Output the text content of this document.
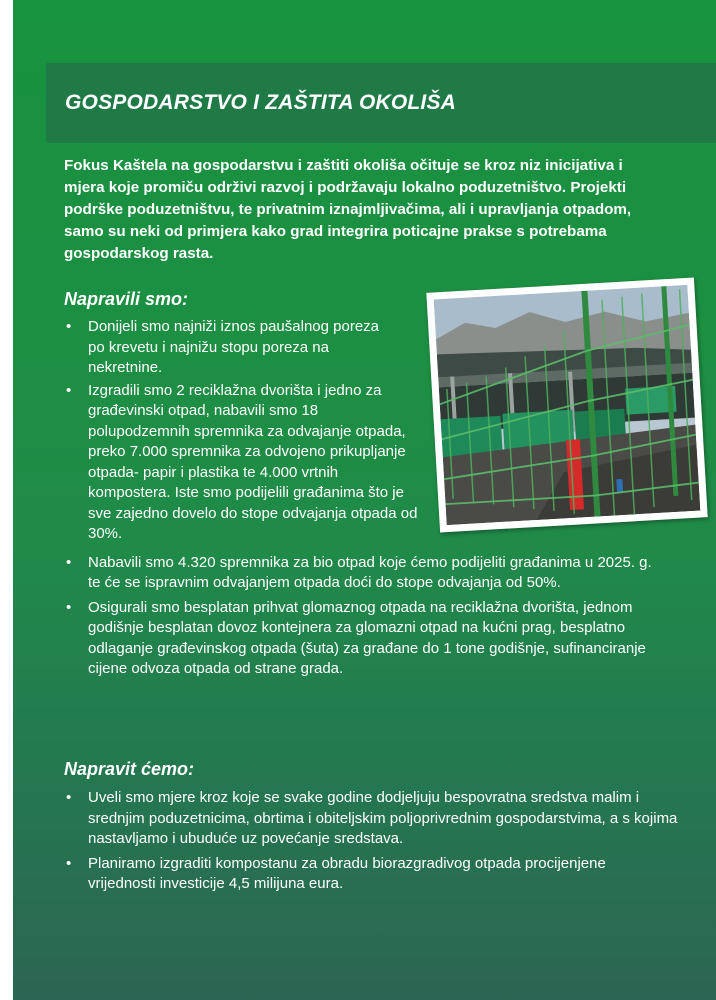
GOSPODARSTVO I ZAŠTITA OKOLIŠA

Fokus Kaštela na gospodarstvu i zaštiti okoliša očituje se kroz niz inicijativa i mjera koje promiču održivi razvoj i podržavaju lokalno poduzetništvo. Projekti podrške poduzetništvu, te privatnim iznajmljivačima, ali i upravljanja otpadom, samo su neki od primjera kako grad integrira poticajne prakse s potrebama gospodarskog rasta.

Napravili smo:
• Donijeli smo najniži iznos paušalnog poreza po krevetu i najnižu stopu poreza na nekretnine.
• Izgradili smo 2 reciklažna dvorišta i jedno za građevinski otpad, nabavili smo 18 polupodzemnih spremnika za odvajanje otpada, preko 7.000 spremnika za odvojeno prikupljanje otpada- papir i plastika te 4.000 vrtnih kompostera. Iste smo podijelili građanima što je sve zajedno dovelo do stope odvajanja otpada od 30%.
• Nabavili smo 4.320 spremnika za bio otpad koje ćemo podijeliti građanima u 2025. g. te će se ispravnim odvajanjem otpada doći do stope odvajanja od 50%.
• Osigurali smo besplatan prihvat glomaznog otpada na reciklažna dvorišta, jednom godišnje besplatan dovoz kontejnera za glomazni otpad na kućni prag, besplatno odlaganje građevinskog otpada (šuta) za građane do 1 tone godišnje, sufinanciranje cijene odvoza otpada od strane grada.
Napravit ćemo:
• Uveli smo mjere kroz koje se svake godine dodjeljuju bespovratna sredstva malim i srednjim poduzetnicima, obrtima i obiteljskim poljoprivrednim gospodarstvima, a s kojima nastavljamo i ubuduće uz povećanje sredstava.
• Planiramo izgraditi kompostanu za obradu biorazgradivog otpada procijenjene vrijednosti investicije 4,5 milijuna eura.
